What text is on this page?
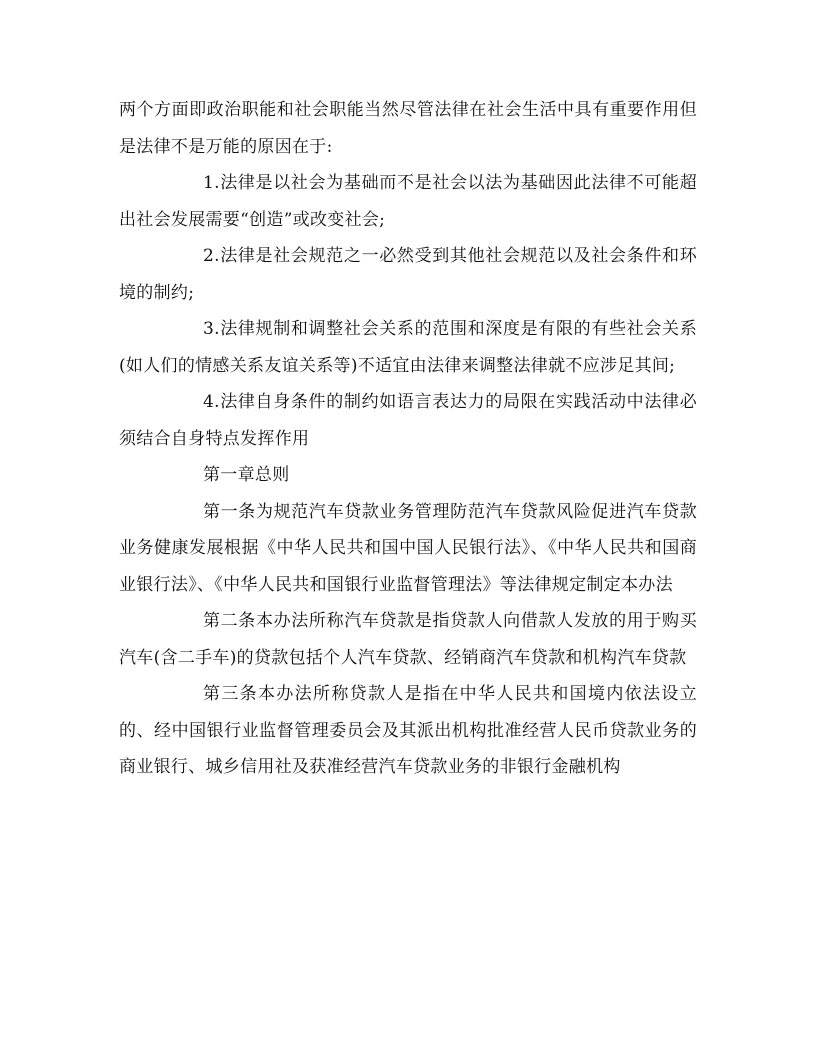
两个方面即政治职能和社会职能当然尽管法律在社会生活中具有重要作用但是法律不是万能的原因在于:

1.法律是以社会为基础而不是社会以法为基础因此法律不可能超出社会发展需要“创造”或改变社会;

2.法律是社会规范之一必然受到其他社会规范以及社会条件和环境的制约;

3.法律规制和调整社会关系的范围和深度是有限的有些社会关系(如人们的情感关系友谊关系等)不适宜由法律来调整法律就不应涉足其间;

4.法律自身条件的制约如语言表达力的局限在实践活动中法律必须结合自身特点发挥作用

第一章总则

第一条为规范汽车贷款业务管理防范汽车贷款风险促进汽车贷款业务健康发展根据《中华人民共和国中国人民银行法》、《中华人民共和国商业银行法》、《中华人民共和国银行业监督管理法》等法律规定制定本办法

第二条本办法所称汽车贷款是指贷款人向借款人发放的用于购买汽车(含二手车)的贷款包括个人汽车贷款、经销商汽车贷款和机构汽车贷款

第三条本办法所称贷款人是指在中华人民共和国境内依法设立的、经中国银行业监督管理委员会及其派出机构批准经营人民币贷款业务的商业银行、城乡信用社及获准经营汽车贷款业务的非银行金融机构
